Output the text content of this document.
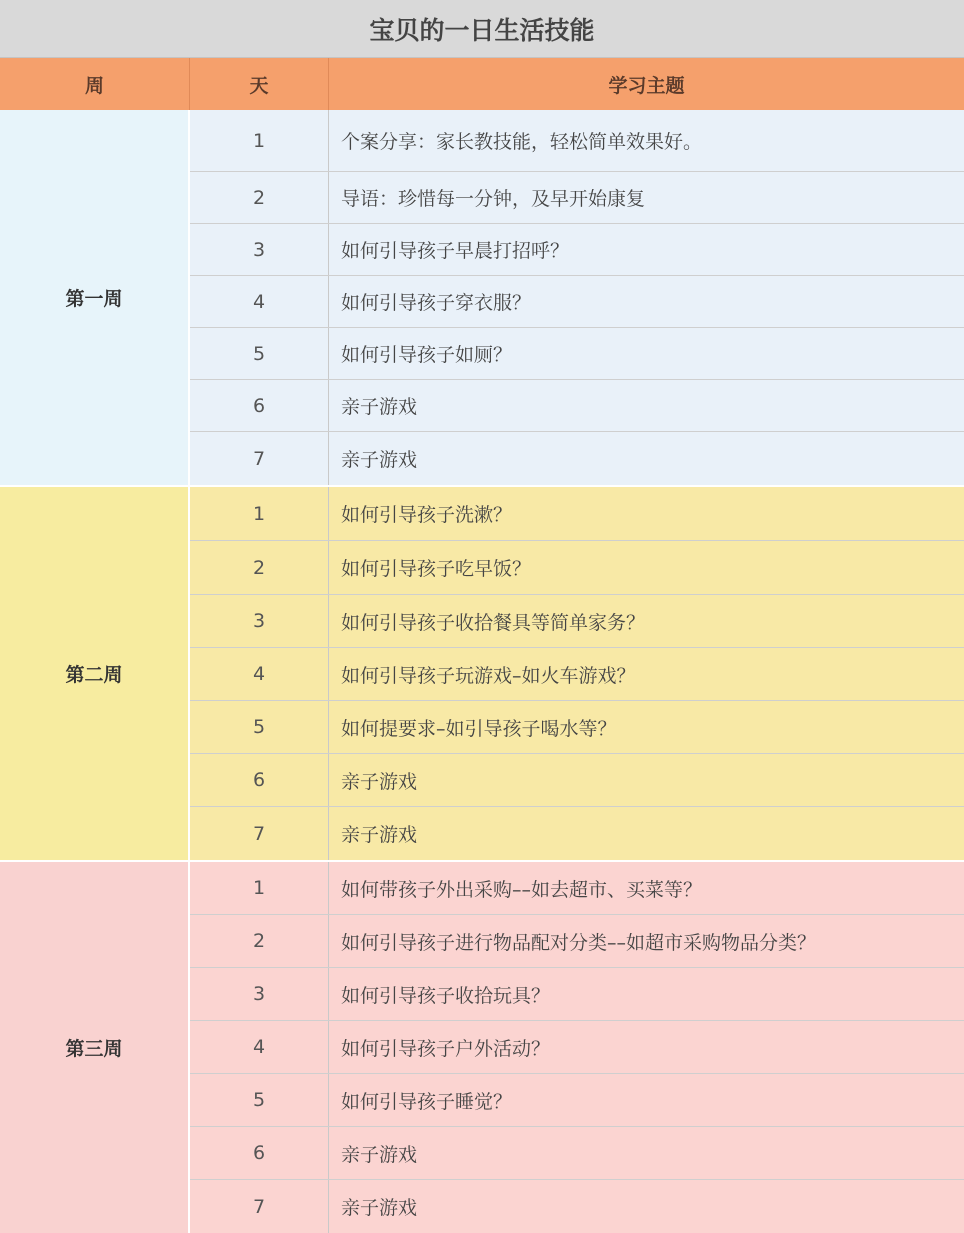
宝贝的一日生活技能
周	天	学习主题
第一周
1	个案分享：家长教技能，轻松简单效果好。
2	导语：珍惜每一分钟，及早开始康复
3	如何引导孩子早晨打招呼？
4	如何引导孩子穿衣服？
5	如何引导孩子如厕？
6	亲子游戏
7	亲子游戏
第二周
1	如何引导孩子洗漱？
2	如何引导孩子吃早饭？
3	如何引导孩子收拾餐具等简单家务？
4	如何引导孩子玩游戏–如火车游戏？
5	如何提要求–如引导孩子喝水等？
6	亲子游戏
7	亲子游戏
第三周
1	如何带孩子外出采购––如去超市、买菜等？
2	如何引导孩子进行物品配对分类––如超市采购物品分类？
3	如何引导孩子收拾玩具？
4	如何引导孩子户外活动？
5	如何引导孩子睡觉？
6	亲子游戏
7	亲子游戏
